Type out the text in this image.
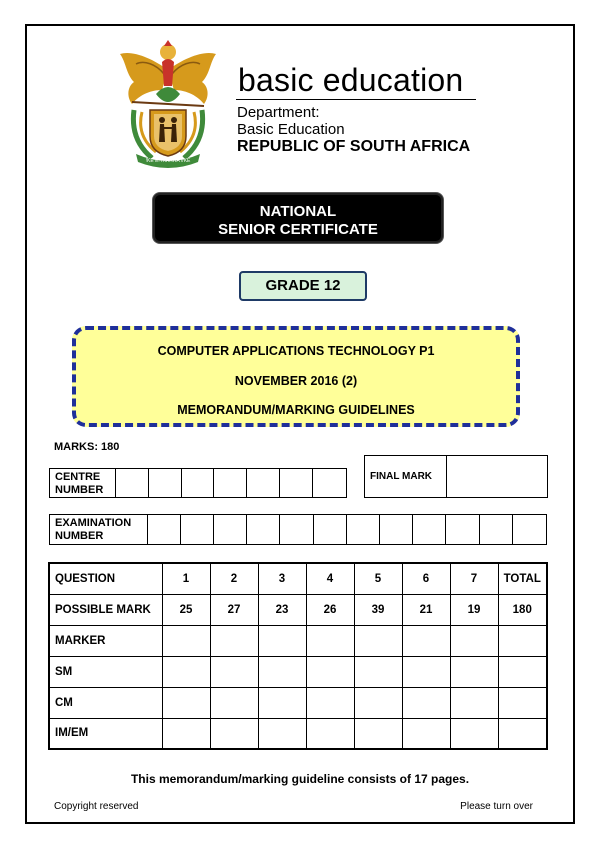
!KE E: /XARRA //KE
basic education
Department:
Basic Education
REPUBLIC OF SOUTH AFRICA
NATIONAL
SENIOR CERTIFICATE
GRADE 12
COMPUTER APPLICATIONS TECHNOLOGY P1
NOVEMBER 2016 (2)
MEMORANDUM/MARKING GUIDELINES
MARKS: 180
CENTRE
NUMBER
FINAL MARK
EXAMINATION
NUMBER
QUESTION	1	2	3	4	5	6	7	TOTAL
POSSIBLE MARK	25	27	23	26	39	21	19	180
MARKER								
SM								
CM								
IM/EM								
This memorandum/marking guideline consists of 17 pages.
Copyright reserved	Please turn over
